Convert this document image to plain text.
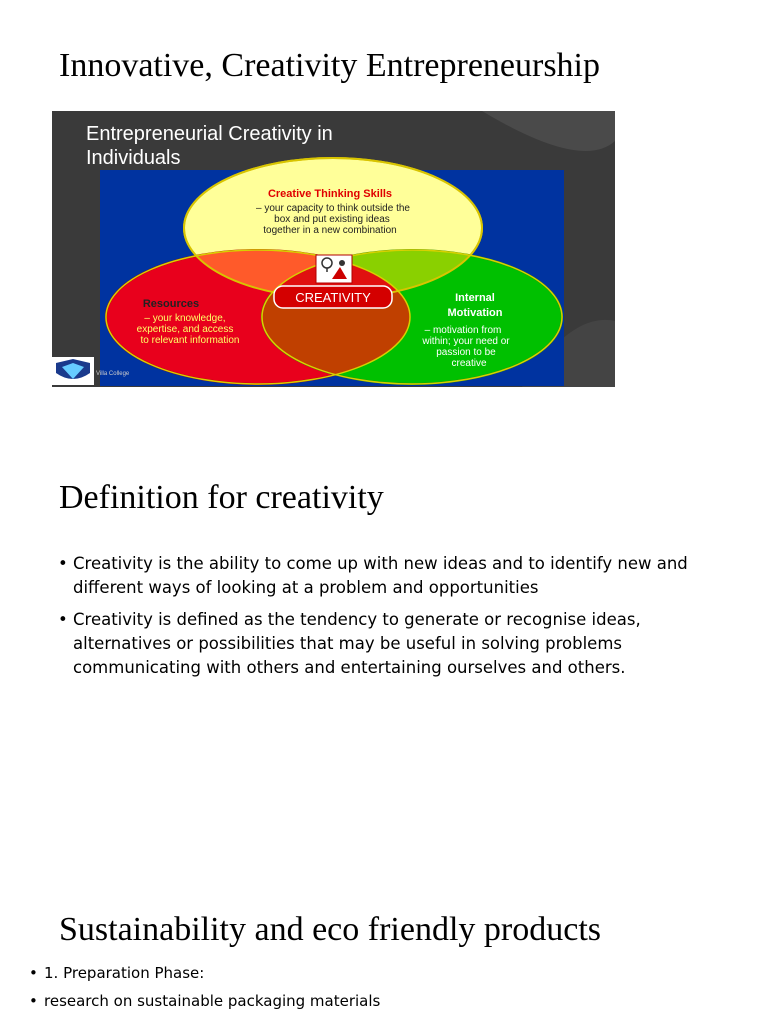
Innovative, Creativity Entrepreneurship
Entrepreneurial Creativity in
Individuals
Creative Thinking Skills
– your capacity to think outside the
box and put existing ideas
together in a new combination
CREATIVITY
Resources
– your knowledge,
expertise, and access
to relevant information
Internal
Motivation
– motivation from
within; your need or
passion to be
creative
Villa College
Definition for creativity
• Creativity is the ability to come up with new ideas and to identify new and different ways of looking at a problem and opportunities
• Creativity is defined as the tendency to generate or recognise ideas, alternatives or possibilities that may be useful in solving problems communicating with others and entertaining ourselves and others.
Sustainability and eco friendly products
• 1. Preparation Phase:
• research on sustainable packaging materials
